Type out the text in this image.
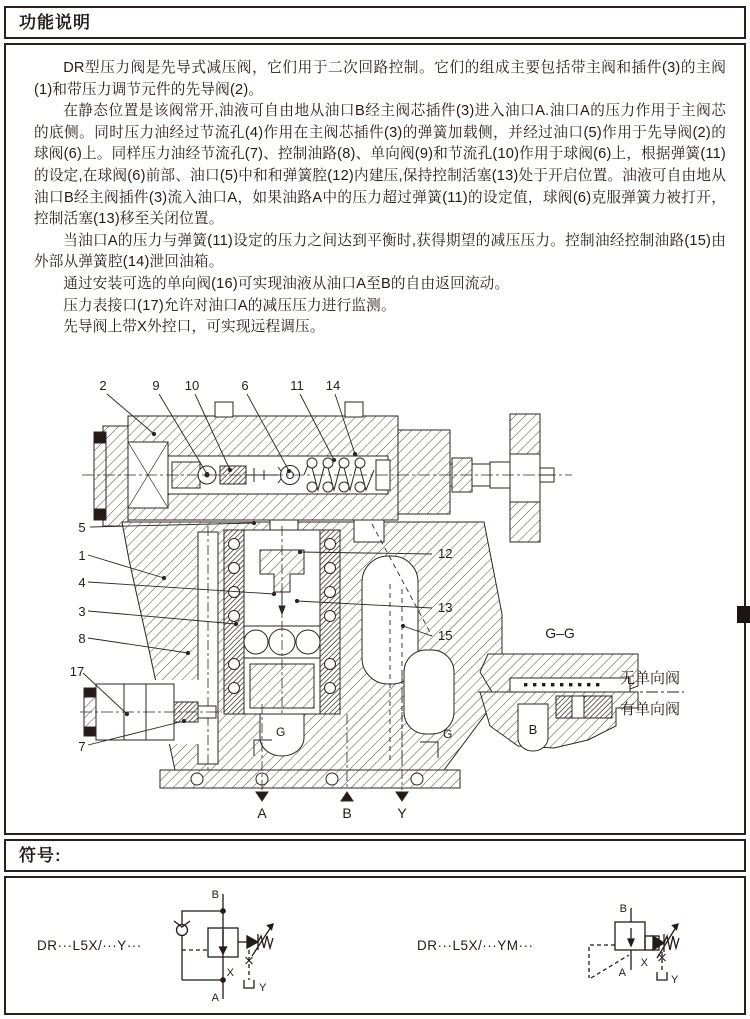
功能说明

DR型压力阀是先导式减压阀，它们用于二次回路控制。它们的组成主要包括带主阀和插件(3)的主阀(1)和带压力调节元件的先导阀(2)。

在静态位置是该阀常开,油液可自由地从油口B经主阀芯插件(3)进入油口A.油口A的压力作用于主阀芯的底侧。同时压力油经过节流孔(4)作用在主阀芯插件(3)的弹簧加载侧，并经过油口(5)作用于先导阀(2)的球阀(6)上。同样压力油经节流孔(7)、控制油路(8)、单向阀(9)和节流孔(10)作用于球阀(6)上，根据弹簧(11)的设定,在球阀(6)前部、油口(5)中和和弹簧腔(12)内建压,保持控制活塞(13)处于开启位置。油液可自由地从油口B经主阀插件(3)流入油口A，如果油路A中的压力超过弹簧(11)的设定值，球阀(6)克服弹簧力被打开，控制活塞(13)移至关闭位置。

当油口A的压力与弹簧(11)设定的压力之间达到平衡时,获得期望的减压压力。控制油经控制油路(15)由外部从弹簧腔(14)泄回油箱。

通过安装可选的单向阀(16)可实现油液从油口A至B的自由返回流动。

压力表接口(17)允许对油口A的减压压力进行监测。

先导阀上带X外控口，可实现远程调压。

A	B	Y
G	G
2	9 10	6	11 14
5
1
4
3
8
17
7
12
13
15	G–G
无单向阀
有单向阀
B
符号:
DR···L5X/···Y···
B
A
X
Y
DR···L5X/···YM···
B
A
X
Y
